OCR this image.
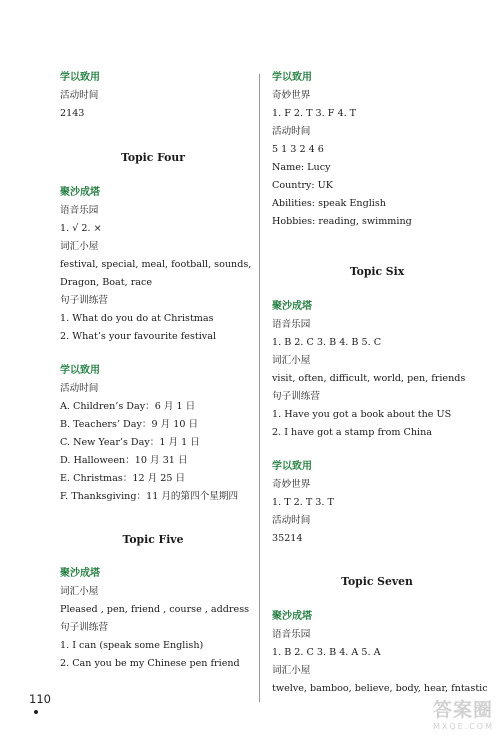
学以致用
活动时间
2143
Topic Four
聚沙成塔
语音乐园
1. √ 2. ×
词汇小屋
festival, special, meal, football, sounds,
Dragon, Boat, race
句子训练营
1. What do you do at Christmas
2. What’s your favourite festival
学以致用
活动时间
A. Children’s Day：6 月 1 日
B. Teachers’ Day：9 月 10 日
C. New Year’s Day：1 月 1 日
D. Halloween：10 月 31 日
E. Christmas：12 月 25 日
F. Thanksgiving：11 月的第四个星期四
Topic Five
聚沙成塔
词汇小屋
Pleased , pen, friend , course , address
句子训练营
1. I can (speak some English)
2. Can you be my Chinese pen friend
学以致用
奇妙世界
1. F 2. T 3. F 4. T
活动时间
5 1 3 2 4 6
Name: Lucy
Country: UK
Abilities: speak English
Hobbies: reading, swimming
Topic Six
聚沙成塔
语音乐园
1. B 2. C 3. B 4. B 5. C
词汇小屋
visit, often, difficult, world, pen, friends
句子训练营
1. Have you got a book about the US
2. I have got a stamp from China
学以致用
奇妙世界
1. T 2. T 3. T
活动时间
35214
Topic Seven
聚沙成塔
语音乐园
1. B 2. C 3. B 4. A 5. A
词汇小屋
twelve, bamboo, believe, body, hear, fntastic
110	答案圈
MXQE.COM
